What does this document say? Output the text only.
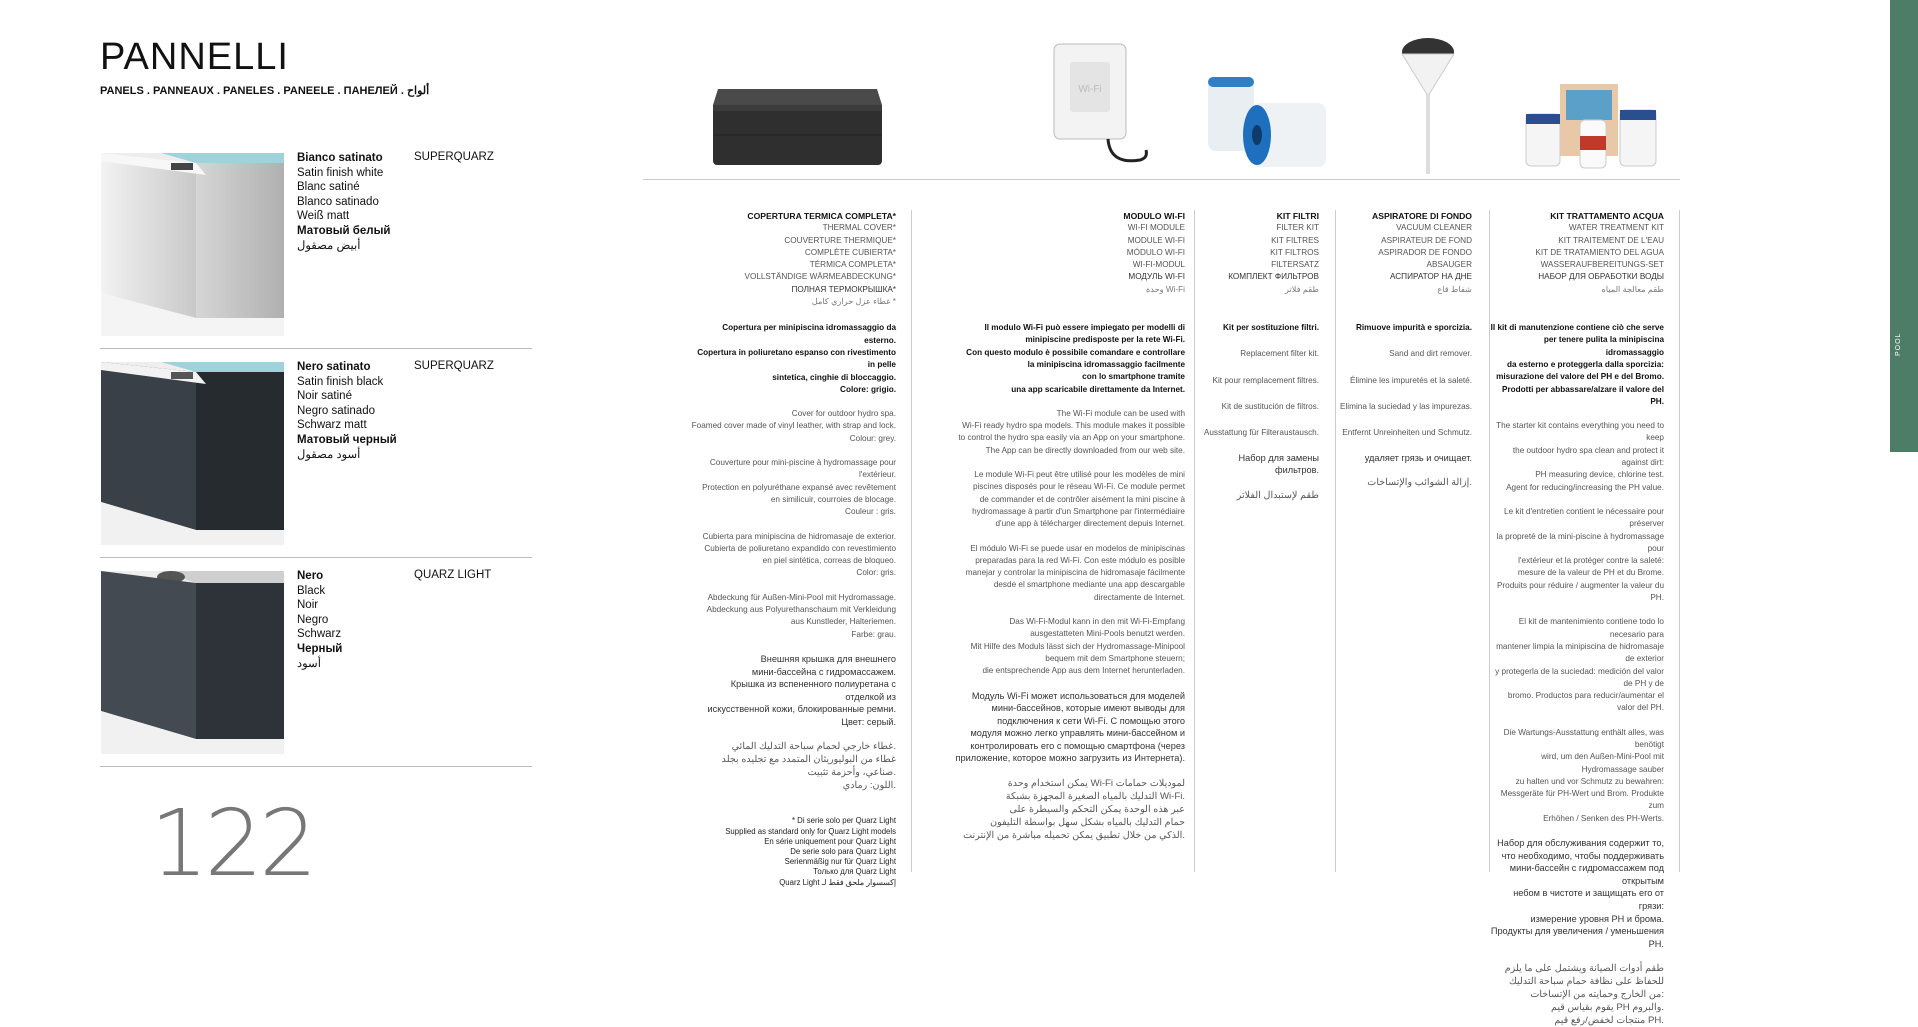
PANNELLI
PANELS . PANNEAUX . PANELES . PANEELE . ПАНЕЛЕЙ . ألواح
Bianco satinato
Satin finish white
Blanc satiné
Blanco satinado
Weiß matt
Матовый белый
أبيض مصقول
SUPERQUARZ
Nero satinato
Satin finish black
Noir satiné
Negro satinado
Schwarz matt
Матовый черный
أسود مصقول
SUPERQUARZ
Nero
Black
Noir
Negro
Schwarz
Черный
أسود
QUARZ LIGHT
122
Wi-Fi
COPERTURA TERMICA COMPLETA*
THERMAL COVER*
COUVERTURE THERMIQUE*
COMPLÈTE CUBIERTA*
TÉRMICA COMPLETA*
VOLLSTÄNDIGE WÄRMEABDECKUNG*
ПОЛНАЯ ТЕРМОКРЫШКА*
غطاء عزل حراري كامل *
Copertura per minipiscina idromassaggio da esterno.
Copertura in poliuretano espanso con rivestimento in pelle
sintetica, cinghie di bloccaggio.
Colore: grigio.

Cover for outdoor hydro spa.
Foamed cover made of vinyl leather, with strap and lock.
Colour: grey.

Couverture pour mini-piscine à hydromassage pour l'extérieur.
Protection en polyuréthane expansé avec revêtement
en similicuir, courroies de blocage.
Couleur : gris.

Cubierta para minipiscina de hidromasaje de exterior.
Cubierta de poliuretano expandido con revestimiento
en piel sintética, correas de bloqueo.
Color: gris.

Abdeckung für Außen-Mini-Pool mit Hydromassage.
Abdeckung aus Polyurethanschaum mit Verkleidung
aus Kunstleder, Halteriemen.
Farbe: grau.

Внешняя крышка для внешнего
мини-бассейна с гидромассажем.
Крышка из вспененного полиуретана с отделкой из
искусственной кожи, блокированные ремни.
Цвет: серый.

غطاء خارجي لحمام سباحة التدليك المائي.
غطاء من البوليوريثان المتمدد مع تجليده بجلد
صناعي، وأحزمة تثبيت.
اللون: رمادي.

* Di serie solo per Quarz Light
Supplied as standard only for Quarz Light models
En série uniquement pour Quarz Light
De serie solo para Quarz Light
Serienmäßig nur für Quarz Light
Только для Quarz Light
Quarz Light إكسسوار ملحق فقط لـ

MODULO WI-FI
WI-FI MODULE
MODULE WI-FI
MÓDULO WI-FI
WI-FI-MODUL
МОДУЛЬ WI-FI
وحدة Wi-Fi
Il modulo Wi-Fi può essere impiegato per modelli di
minipiscine predisposte per la rete Wi-Fi.
Con questo modulo è possibile comandare e controllare
la minipiscina idromassaggio facilmente
con lo smartphone tramite
una app scaricabile direttamente da Internet.

The Wi-Fi module can be used with
Wi-Fi ready hydro spa models. This module makes it possible
to control the hydro spa easily via an App on your smartphone.
The App can be directly downloaded from our web site.

Le module Wi-Fi peut être utilisé pour les modèles de mini
piscines disposés pour le réseau Wi-Fi. Ce module permet
de commander et de contrôler aisément la mini piscine à
hydromassage à partir d'un Smartphone par l'intermédiaire
d'une app à télécharger directement depuis Internet.

El módulo Wi-Fi se puede usar en modelos de minipiscinas
preparadas para la red Wi-Fi. Con este módulo es posible
manejar y controlar la minipiscina de hidromasaje fácilmente
desde el smartphone mediante una app descargable
directamente de Internet.

Das Wi-Fi-Modul kann in den mit Wi-Fi-Empfang
ausgestatteten Mini-Pools benutzt werden.
Mit Hilfe des Moduls lässt sich der Hydromassage-Minipool
bequem mit dem Smartphone steuern;
die entsprechende App aus dem Internet herunterladen.

Модуль Wi-Fi может использоваться для моделей
мини-бассейнов, которые имеют выводы для
подключения к сети Wi-Fi. С помощью этого
модуля можно легко управлять мини-бассейном и
контролировать его с помощью смартфона (через
приложение, которое можно загрузить из Интернета).

يمكن استخدام وحدة Wi-Fi لموديلات حمامات
التدليك بالمياه الصغيرة المجهزة بشبكة Wi-Fi.
عبر هذه الوحدة يمكن التحكم والسيطرة على
حمام التدليك بالمياه بشكل سهل بواسطة التليفون
الذكي من خلال تطبيق يمكن تحميله مباشرة من الإنترنت.

KIT FILTRI
FILTER KIT
KIT FILTRES
KIT FILTROS
FILTERSATZ
КОМПЛЕКТ ФИЛЬТРОВ
طقم فلاتر
Kit per sostituzione filtri.

Replacement filter kit.

Kit pour remplacement filtres.

Kit de sustitución de filtros.

Ausstattung für Filteraustausch.

Набор для замены фильтров.

طقم لإستبدال الفلاتر

ASPIRATORE DI FONDO
VACUUM CLEANER
ASPIRATEUR DE FOND
ASPIRADOR DE FONDO
ABSAUGER
АСПИРАТОР НА ДНЕ
شفاط قاع
Rimuove impurità e sporcizia.

Sand and dirt remover.

Élimine les impuretés et la saleté.

Elimina la suciedad y las impurezas.

Entfernt Unreinheiten und Schmutz.

удаляет грязь и очищает.

إزالة الشوائب والإتساخات.

KIT TRATTAMENTO ACQUA
WATER TREATMENT KIT
KIT TRAITEMENT DE L'EAU
KIT DE TRATAMIENTO DEL AGUA
WASSERAUFBEREITUNGS-SET
НАБОР ДЛЯ ОБРАБОТКИ ВОДЫ
طقم معالجة المياه
Il kit di manutenzione contiene ciò che serve
per tenere pulita la minipiscina idromassaggio
da esterno e proteggerla dalla sporcizia:
misurazione del valore del PH e del Bromo.
Prodotti per abbassare/alzare il valore del PH.

The starter kit contains everything you need to keep
the outdoor hydro spa clean and protect it against dirt:
PH measuring device, chlorine test.
Agent for reducing/increasing the PH value.

Le kit d'entretien contient le nécessaire pour préserver
la propreté de la mini-piscine à hydromassage pour
l'extérieur et la protéger contre la saleté:
mesure de la valeur de PH et du Brome.
Produits pour réduire / augmenter la valeur du PH.

El kit de mantenimiento contiene todo lo necesario para
mantener limpia la minipiscina de hidromasaje de exterior
y protegerla de la suciedad: medición del valor de PH y de
bromo. Productos para reducir/aumentar el valor del PH.

Die Wartungs-Ausstattung enthält alles, was benötigt
wird, um den Außen-Mini-Pool mit Hydromassage sauber
zu halten und vor Schmutz zu bewahren:
Messgeräte für PH-Wert und Brom. Produkte zum
Erhöhen / Senken des PH-Werts.

Набор для обслуживания содержит то,
что необходимо, чтобы поддерживать
мини-бассейн с гидромассажем под открытым
небом в чистоте и защищать его от грязи:
измерение уровня PH и брома.
Продукты для увеличения / уменьшения PH.

طقم أدوات الصيانة ويشتمل على ما يلزم
للحفاظ على نظافة حمام سباحة التدليك
من الخارج وحمايته من الإتساخات:
يقوم بقياس قيم PH والبروم.
منتجات لخفض/رفع قيم PH.

POOL
